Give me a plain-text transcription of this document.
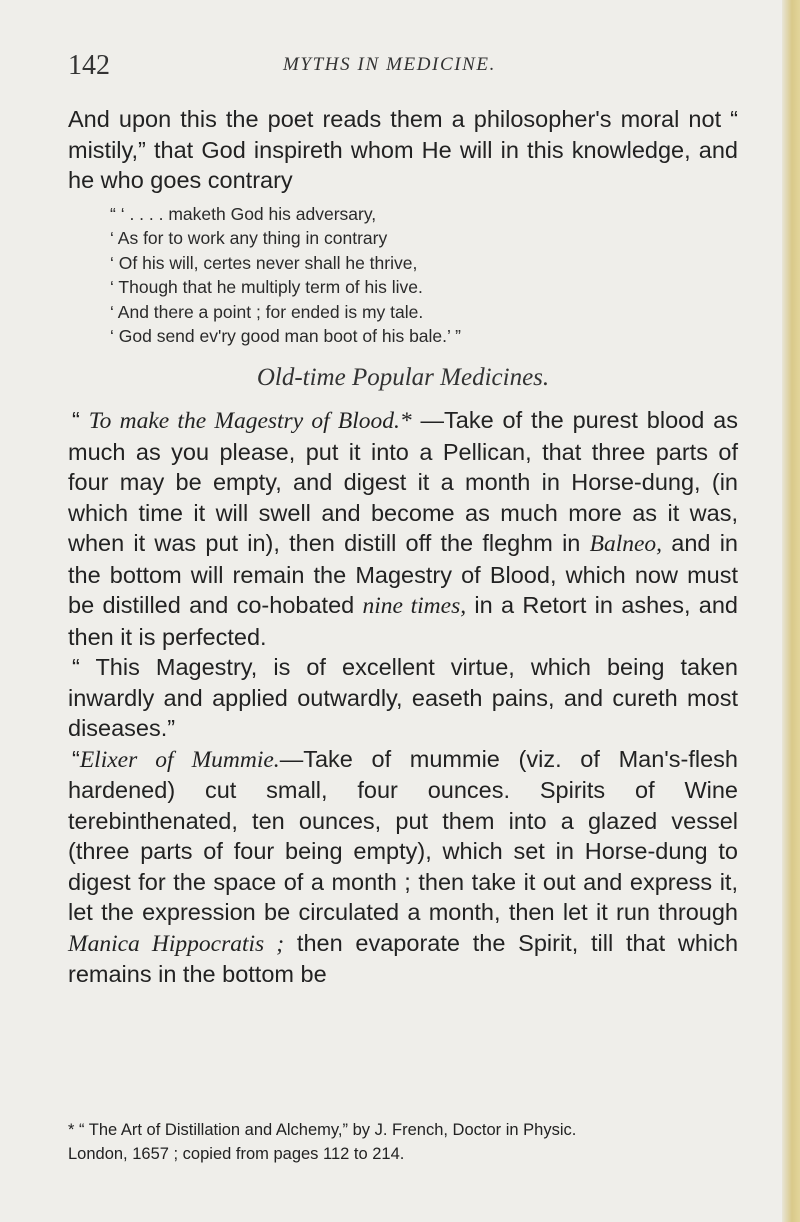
142	MYTHS IN MEDICINE.

And upon this the poet reads them a philosopher's moral not “ mistily,” that God inspireth whom He will in this knowledge, and he who goes contrary

“ ‘ . . . . maketh God his adversary,
‘ As for to work any thing in contrary
‘ Of his will, certes never shall he thrive,
‘ Though that he multiply term of his live.
‘ And there a point ; for ended is my tale.
‘ God send ev'ry good man boot of his bale.’ ”
Old-time Popular Medicines.

“ To make the Magestry of Blood.* —Take of the purest blood as much as you please, put it into a Pellican, that three parts of four may be empty, and digest it a month in Horse-dung, (in which time it will swell and become as much more as it was, when it was put in), then distill off the fleghm in Balneo, and in the bottom will remain the Magestry of Blood, which now must be distilled and co-hobated nine times, in a Retort in ashes, and then it is perfected.

“ This Magestry, is of excellent virtue, which being taken inwardly and applied outwardly, easeth pains, and cureth most diseases.”

“Elixer of Mummie.—Take of mummie (viz. of Man's-flesh hardened) cut small, four ounces. Spirits of Wine terebinthenated, ten ounces, put them into a glazed vessel (three parts of four being empty), which set in Horse-dung to digest for the space of a month ; then take it out and express it, let the expression be circulated a month, then let it run through Manica Hippocratis ; then evaporate the Spirit, till that which remains in the bottom be

* “ The Art of Distillation and Alchemy,” by J. French, Doctor in Physic.
London, 1657 ; copied from pages 112 to 214.
